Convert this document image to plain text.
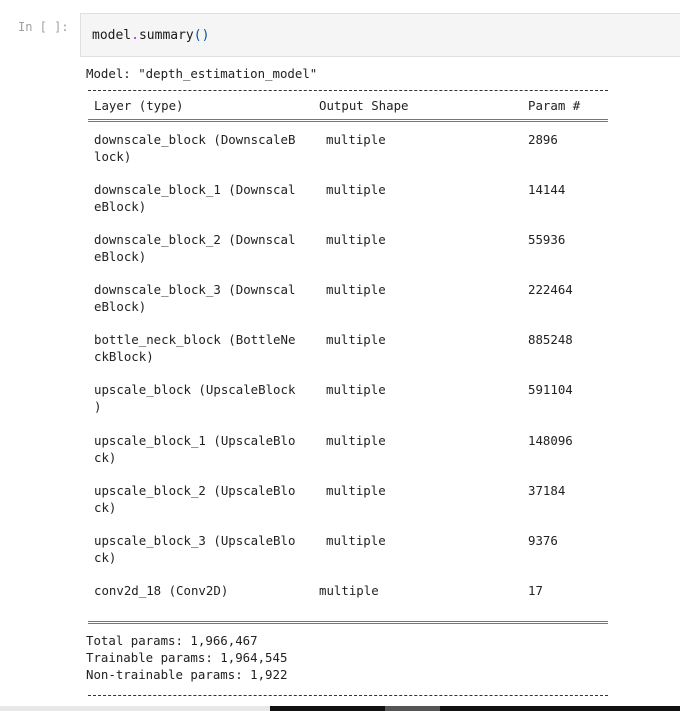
In [ ]:
model.summary()
Model: "depth_estimation_model"
Layer (type)	Output Shape	Param #
downscale_block (DownscaleB
lock)
multiple	2896
downscale_block_1 (Downscal
eBlock)
multiple	14144
downscale_block_2 (Downscal
eBlock)
multiple	55936
downscale_block_3 (Downscal
eBlock)
multiple	222464
bottle_neck_block (BottleNe
ckBlock)
multiple	885248
upscale_block (UpscaleBlock
)
multiple	591104
upscale_block_1 (UpscaleBlo
ck)
multiple	148096
upscale_block_2 (UpscaleBlo
ck)
multiple	37184
upscale_block_3 (UpscaleBlo
ck)
multiple	9376
conv2d_18 (Conv2D)	multiple	17
Total params: 1,966,467
Trainable params: 1,964,545
Non-trainable params: 1,922
